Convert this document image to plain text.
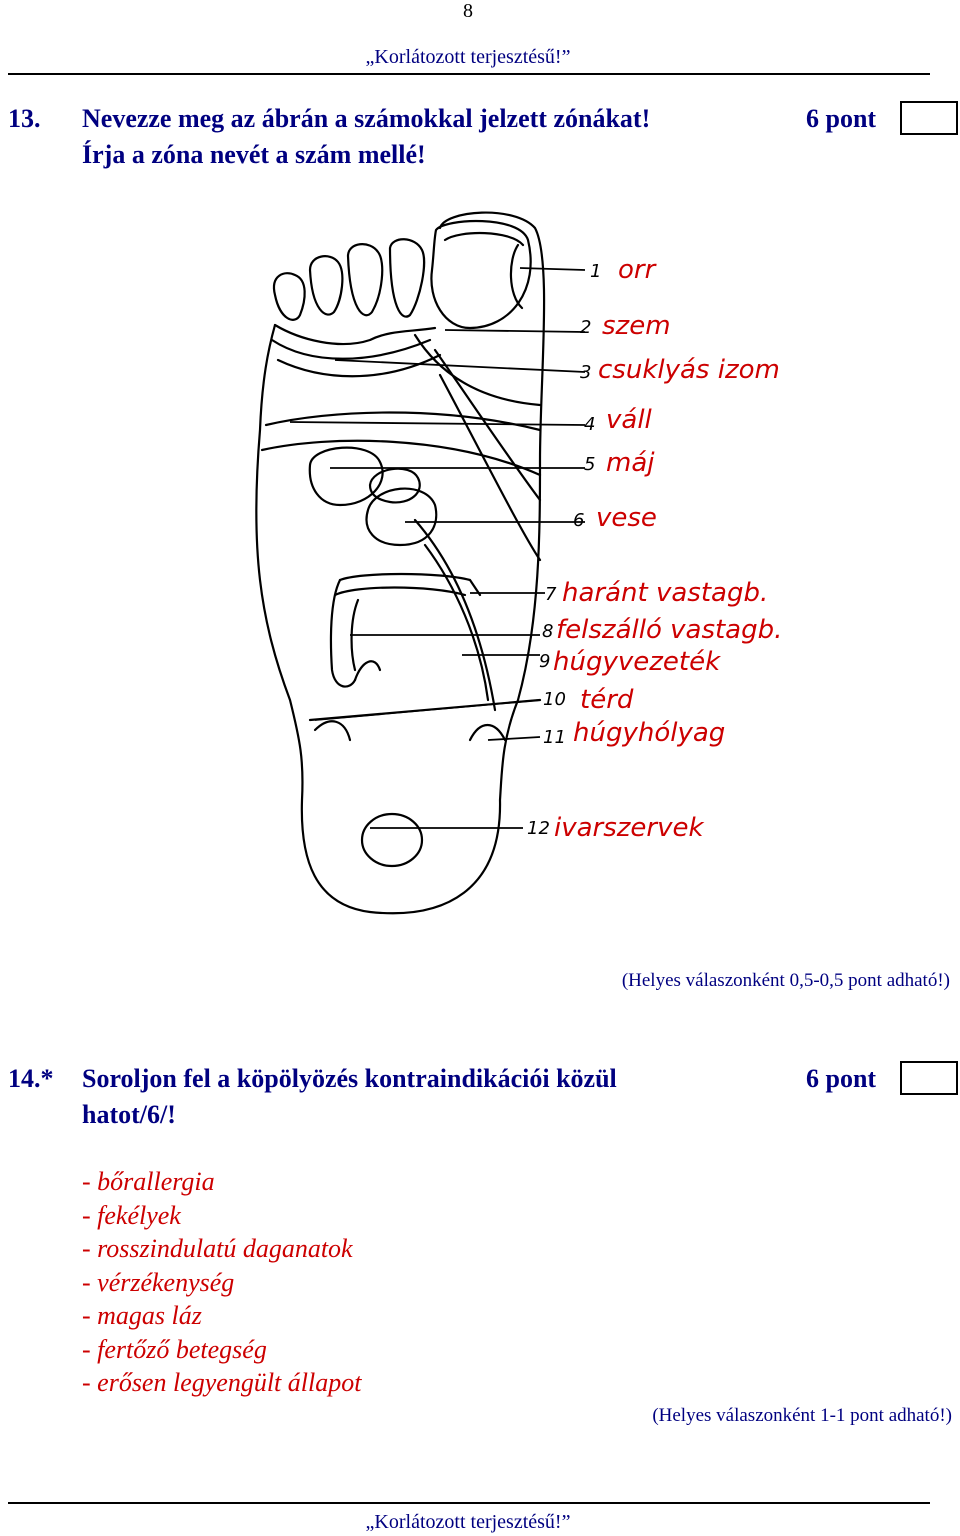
8
„Korlátozott terjesztésű!”
13. Nevezze meg az ábrán a számokkal jelzett zónákat!
Írja a zóna nevét a szám mellé!
6 pont
1
2
3
4
5
6
7
8
9
10
11
12
orr
szem
csuklyás izom
váll
máj
vese
haránt vastagb.
felszálló vastagb.
húgyvezeték
térd
húgyhólyag
ivarszervek
(Helyes válaszonként 0,5-0,5 pont adható!)
14.* Soroljon fel a köpölyözés kontraindikációi közül
hatot/6/!
6 pont
- bőrallergia
- fekélyek
- rosszindulatú daganatok
- vérzékenység
- magas láz
- fertőző betegség
- erősen legyengült állapot
(Helyes válaszonként 1-1 pont adható!)
„Korlátozott terjesztésű!”
